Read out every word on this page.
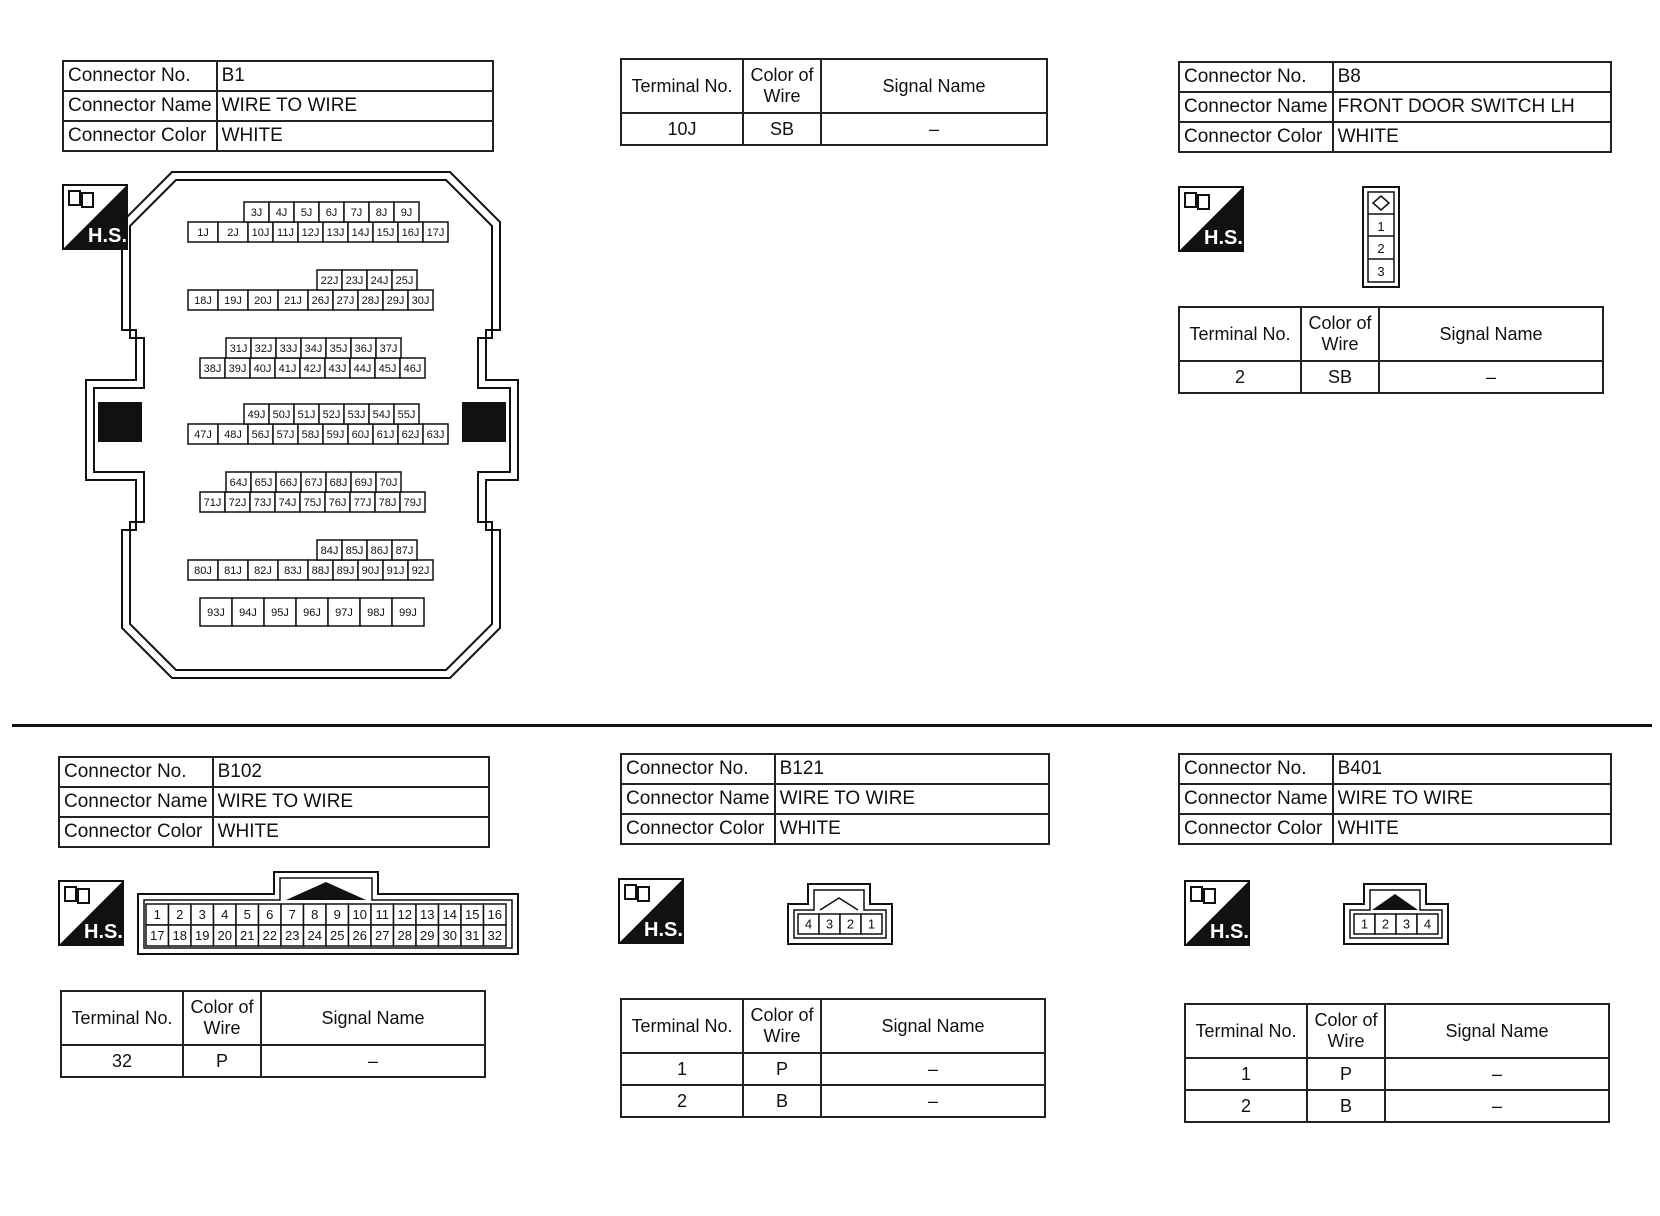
Connector No.	B1
Connector Name	WIRE TO WIRE
Connector Color	WHITE
H.S.	1J 2J 10J 11J 12J 13J 14J 15J 16J 17J
3J 4J 5J 6J 7J 8J 9J
18J 19J 20J 21J 26J 27J 28J 29J 30J
22J 23J 24J 25J
38J 39J 40J 41J 42J 43J 44J 45J 46J
31J 32J 33J 34J 35J 36J 37J
47J 48J 56J 57J 58J 59J 60J 61J 62J 63J
49J 50J 51J 52J 53J 54J 55J
71J 72J 73J 74J 75J 76J 77J 78J 79J
64J 65J 66J 67J 68J 69J 70J
80J 81J 82J 83J 88J 89J 90J 91J 92J
84J 85J 86J 87J
93J 94J 95J 96J 97J 98J 99J
Terminal No.	Color of Wire	Signal Name
10J	SB	–
Connector No.	B8
Connector Name	FRONT DOOR SWITCH LH
Connector Color	WHITE
H.S.
1
2
3
Terminal No.	Color of Wire	Signal Name
2	SB	–
Connector No.	B102
Connector Name	WIRE TO WIRE
Connector Color	WHITE
H.S.
1 2 3 4 5 6 7 8 9 10 11 12 13 14 15 16
17 18 19 20 21 22 23 24 25 26 27 28 29 30 31 32
Terminal No.	Color of Wire	Signal Name
32	P	–
Connector No.	B121
Connector Name	WIRE TO WIRE
Connector Color	WHITE
H.S.	4 3 2 1
Terminal No.	Color of Wire	Signal Name
1	P	–
2	B	–
Connector No.	B401
Connector Name	WIRE TO WIRE
Connector Color	WHITE
H.S.	1 2 3 4
Terminal No.	Color of Wire	Signal Name
1	P	–
2	B	–
